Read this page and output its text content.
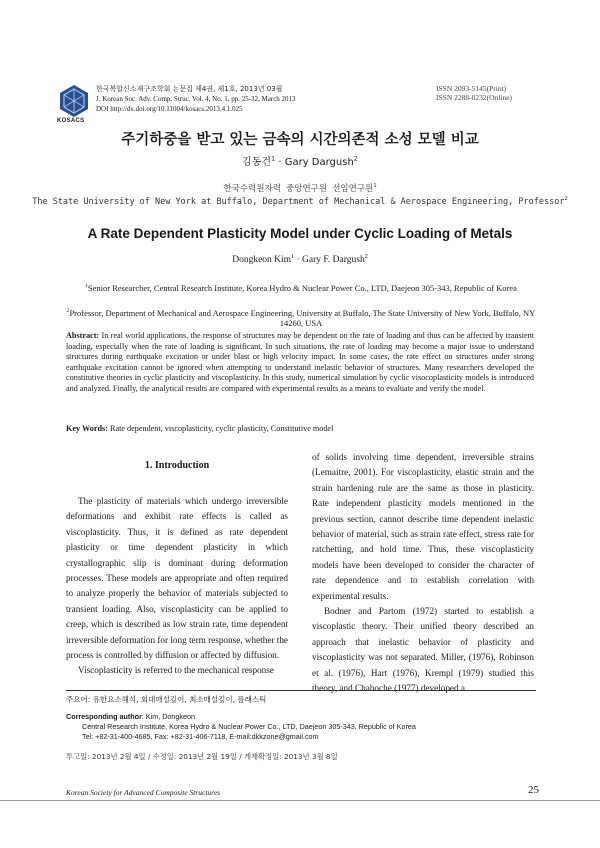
KOSACS
한국복합신소재구조학회 논문집 제4권, 제1호, 2013년 03월
J. Korean Soc. Adv. Comp. Struc. Vol. 4, No. 1, pp. 25-32, March 2013
DOI http://dx.doi.org/10.11004/kosacs.2013.4.1.025
ISSN 2093-5145(Print)
ISSN 2288-0232(Online)
주기하중을 받고 있는 금속의 시간의존적 소성 모델 비교
김동건$^1$ · Gary Dargush$^2$
한국수력원자력 중앙연구원 선임연구원$^1$
The State University of New York at Buffalo, Department of Mechanical & Aerospace Engineering, Professor$^2$
A Rate Dependent Plasticity Model under Cyclic Loading of Metals
Dongkeon Kim$^1$ · Gary F. Dargush$^2$
$^1$Senior Researcher, Central Research Institute, Korea Hydro & Nuclear Power Co., LTD, Daejeon 305-343, Republic of Korea
$^2$Professor, Department of Mechanical and Aerospace Engineering, University at Buffalo, The State University of New York, Buffalo, NY 14260, USA
Abstract: In real world applications, the response of structures may be dependent on the rate of loading and thus can be affected by transient loading, especially when the rate of loading is significant. In such situations, the rate of loading may become a major issue to understand structures during earthquake excitation or under blast or high velocity impact. In some cases, the rate effect on structures under strong earthquake excitation cannot be ignored when attempting to understand inelastic behavior of structures. Many researchers developed the constitutive theories in cyclic plasticity and viscoplasticity. In this study, numerical simulation by cyclic visocoplasticity models is introduced and analyzed. Finally, the analytical results are compared with experimental results as a means to evaluate and verify the model.
Key Words: Rate dependent, viscoplasticity, cyclic plasticity, Constitutive model
1. Introduction
The plasticity of materials which undergo irreversible deformations and exhibit rate effects is called as viscoplasticity. Thus, it is defined as rate dependent plasticity or time dependent plasticity in which crystallographic slip is dominant during deformation processes. These models are appropriate and often required to analyze properly the behavior of materials subjected to transient loading. Also, viscoplasticity can be applied to creep, which is described as low strain rate, time dependent irreversible deformation for long term response, whether the process is controlled by diffusion or affected by diffusion.
Viscoplasticity is referred to the mechanical response
of solids involving time dependent, irreversible strains (Lemaitre, 2001). For viscoplasticity, elastic strain and the strain hardening rule are the same as those in plasticity. Rate independent plasticity models mentioned in the previous section, cannot describe time dependent inelastic behavior of material, such as strain rate effect, stress rate for ratchetting, and hold time. Thus, these viscoplasticity models have been developed to consider the character of rate dependence and to establish correlation with experimental results.
Bodner and Partom (1972) started to establish a viscoplastic theory. Their unified theory described an approach that inelastic behavior of plasticity and viscoplasticity was not separated. Miller, (1976), Robinson et al. (1976), Hart (1976), Krempl (1979) studied this theory, and Chaboche (1977) developed a
주요어: 유한요소해석, 회대매설깊이, 최소매설깊이, 플래스틱
Corresponding author: Kim, Dongkeon
Central Research Institute, Korea Hydro & Nuclear Power Co., LTD, Daejeon 305-343, Republic of Korea
Tel: +82-31-400-4685, Fax: +82-31-406-7118, E-mail:dkkzone@gmail.com
투고일: 2013년 2월 4일 / 수정일: 2013년 2월 19일 / 게재확정일: 2013년 3월 8일
Korean Society for Advanced Composite Structures	25
